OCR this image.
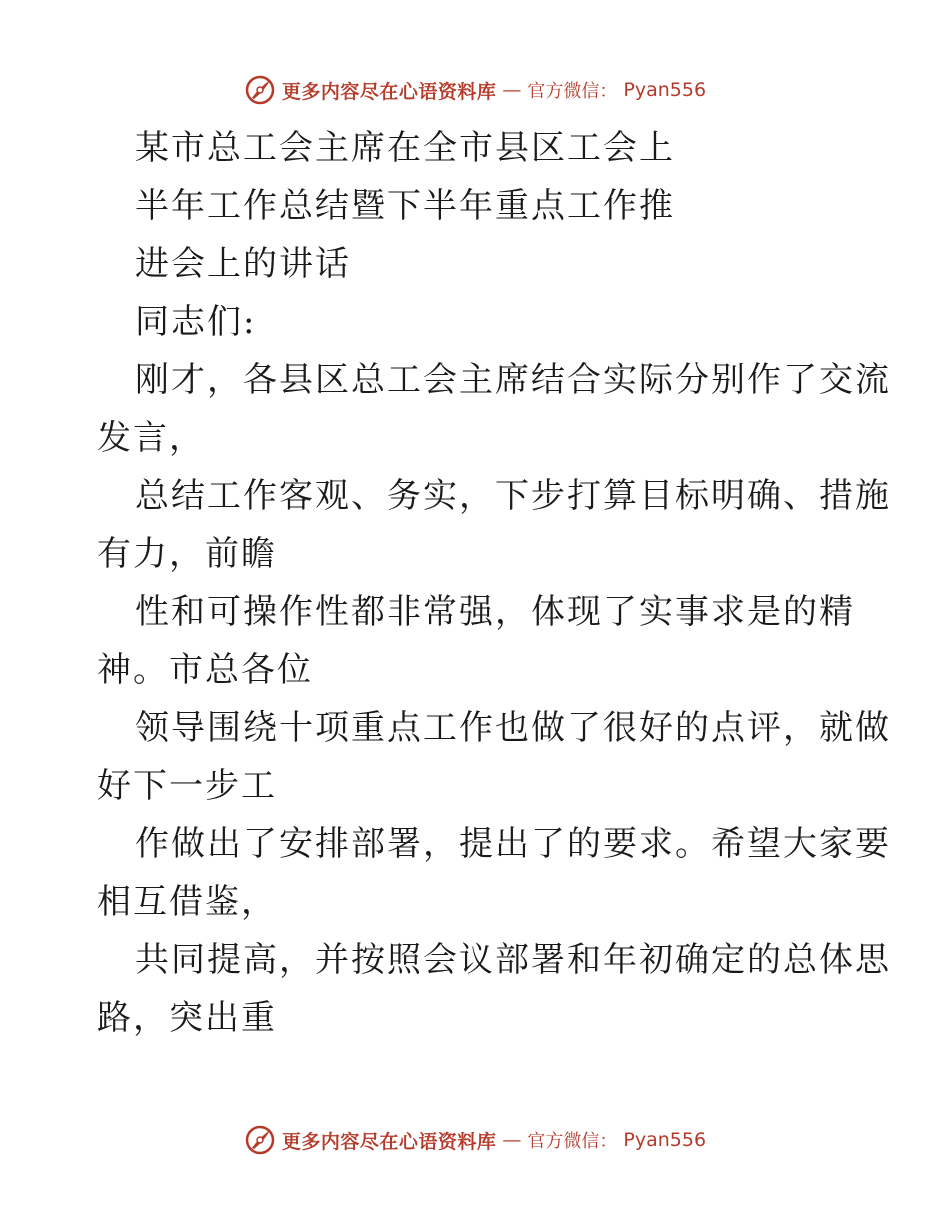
更多内容尽在心语资料库 — 官方微信： Pyan556
某市总工会主席在全市县区工会上
半年工作总结暨下半年重点工作推
进会上的讲话
同志们:
刚才，各县区总工会主席结合实际分别作了交流
发言，
总结工作客观、务实，下步打算目标明确、措施
有力，前瞻
性和可操作性都非常强，体现了实事求是的精
神。市总各位
领导围绕十项重点工作也做了很好的点评，就做
好下一步工
作做出了安排部署，提出了的要求。希望大家要
相互借鉴，
共同提高，并按照会议部署和年初确定的总体思
路，突出重
更多内容尽在心语资料库 — 官方微信： Pyan556
